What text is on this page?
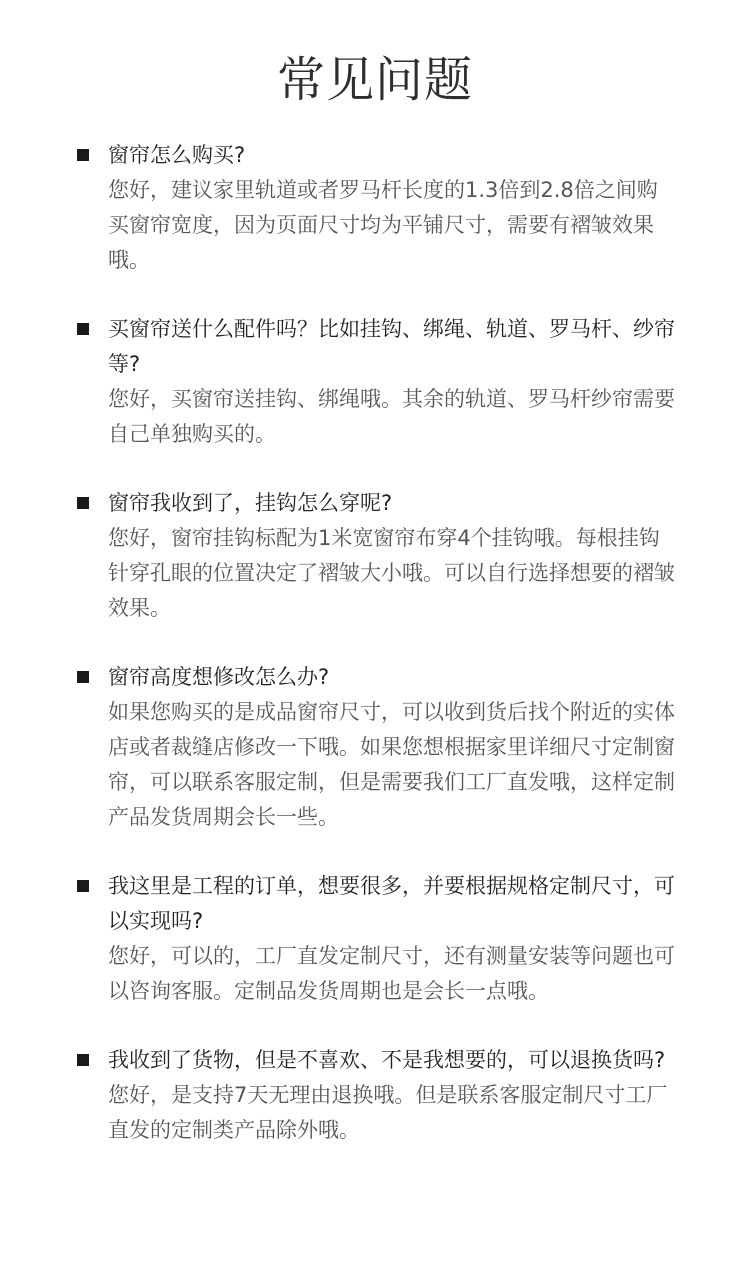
常见问题
窗帘怎么购买?
您好，建议家里轨道或者罗马杆长度的1.3倍到2.8倍之间购买窗帘宽度，因为页面尺寸均为平铺尺寸，需要有褶皱效果哦。
买窗帘送什么配件吗？比如挂钩、绑绳、轨道、罗马杆、纱帘等?
您好，买窗帘送挂钩、绑绳哦。其余的轨道、罗马杆纱帘需要自己单独购买的。
窗帘我收到了，挂钩怎么穿呢?
您好，窗帘挂钩标配为1米宽窗帘布穿4个挂钩哦。每根挂钩针穿孔眼的位置决定了褶皱大小哦。可以自行选择想要的褶皱效果。
窗帘高度想修改怎么办?
如果您购买的是成品窗帘尺寸，可以收到货后找个附近的实体店或者裁缝店修改一下哦。如果您想根据家里详细尺寸定制窗帘，可以联系客服定制，但是需要我们工厂直发哦，这样定制产品发货周期会长一些。
我这里是工程的订单，想要很多，并要根据规格定制尺寸，可以实现吗?
您好，可以的，工厂直发定制尺寸，还有测量安装等问题也可以咨询客服。定制品发货周期也是会长一点哦。
我收到了货物，但是不喜欢、不是我想要的，可以退换货吗?
您好，是支持7天无理由退换哦。但是联系客服定制尺寸工厂直发的定制类产品除外哦。
